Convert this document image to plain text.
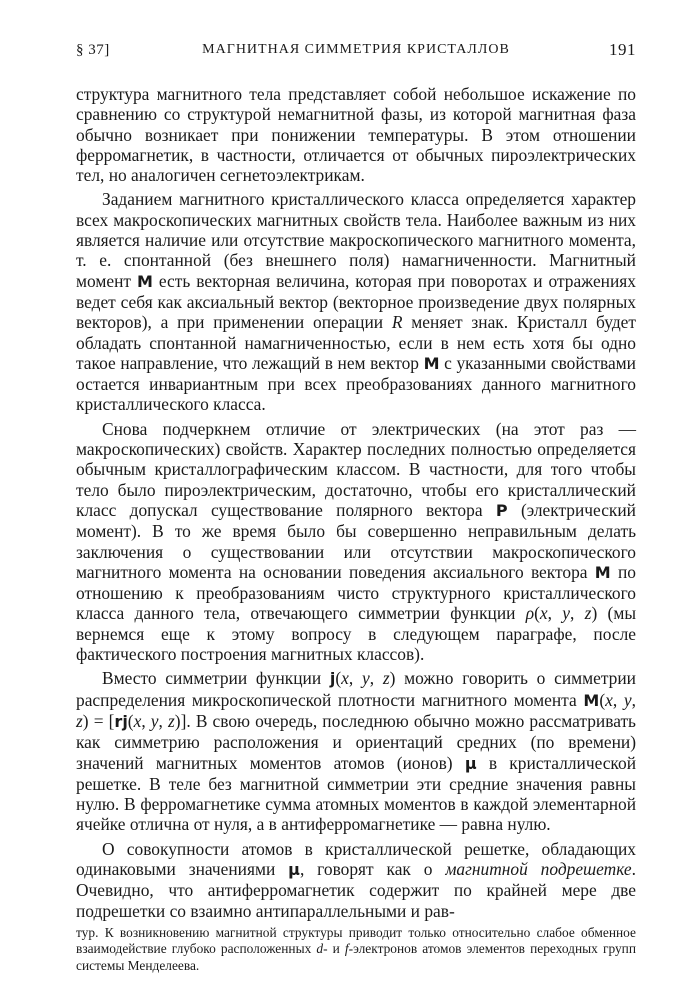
§ 37]	МАГНИТНАЯ СИММЕТРИЯ КРИСТАЛЛОВ	191

структура магнитного тела представляет собой небольшое искажение по сравнению со структурой немагнитной фазы, из которой магнитная фаза обычно возникает при понижении температуры. В этом отношении ферромагнетик, в частности, отличается от обычных пироэлектрических тел, но аналогичен сегнетоэлектрикам.

Заданием магнитного кристаллического класса определяется характер всех макроскопических магнитных свойств тела. Наиболее важным из них является наличие или отсутствие макроскопического магнитного момента, т. е. спонтанной (без внешнего поля) намагниченности. Магнитный момент M есть векторная величина, которая при поворотах и отражениях ведет себя как аксиальный вектор (векторное произведение двух полярных векторов), а при применении операции R меняет знак. Кристалл будет обладать спонтанной намагниченностью, если в нем есть хотя бы одно такое направление, что лежащий в нем вектор M с указанными свойствами остается инвариантным при всех преобразованиях данного магнитного кристаллического класса.

Снова подчеркнем отличие от электрических (на этот раз — макроскопических) свойств. Характер последних полностью определяется обычным кристаллографическим классом. В частности, для того чтобы тело было пироэлектрическим, достаточно, чтобы его кристаллический класс допускал существование полярного вектора P (электрический момент). В то же время было бы совершенно неправильным делать заключения о существовании или отсутствии макроскопического магнитного момента на основании поведения аксиального вектора M по отношению к преобразованиям чисто структурного кристаллического класса данного тела, отвечающего симметрии функции ρ(x, y, z) (мы вернемся еще к этому вопросу в следующем параграфе, после фактического построения магнитных классов).

Вместо симметрии функции j(x, y, z) можно говорить о симметрии распределения микроскопической плотности магнитного момента M(x, y, z) = [rj(x, y, z)]. В свою очередь, последнюю обычно можно рассматривать как симметрию расположения и ориентаций средних (по времени) значений магнитных моментов атомов (ионов) μ в кристаллической решетке. В теле без магнитной симметрии эти средние значения равны нулю. В ферромагнетике сумма атомных моментов в каждой элементарной ячейке отлична от нуля, а в антиферромагнетике — равна нулю.

О совокупности атомов в кристаллической решетке, обладающих одинаковыми значениями μ, говорят как о магнитной подрешетке. Очевидно, что антиферромагнетик содержит по крайней мере две подрешетки со взаимно антипараллельными и рав-

тур. К возникновению магнитной структуры приводит только относительно слабое обменное взаимодействие глубоко расположенных d- и f-электронов атомов элементов переходных групп системы Менделеева.
